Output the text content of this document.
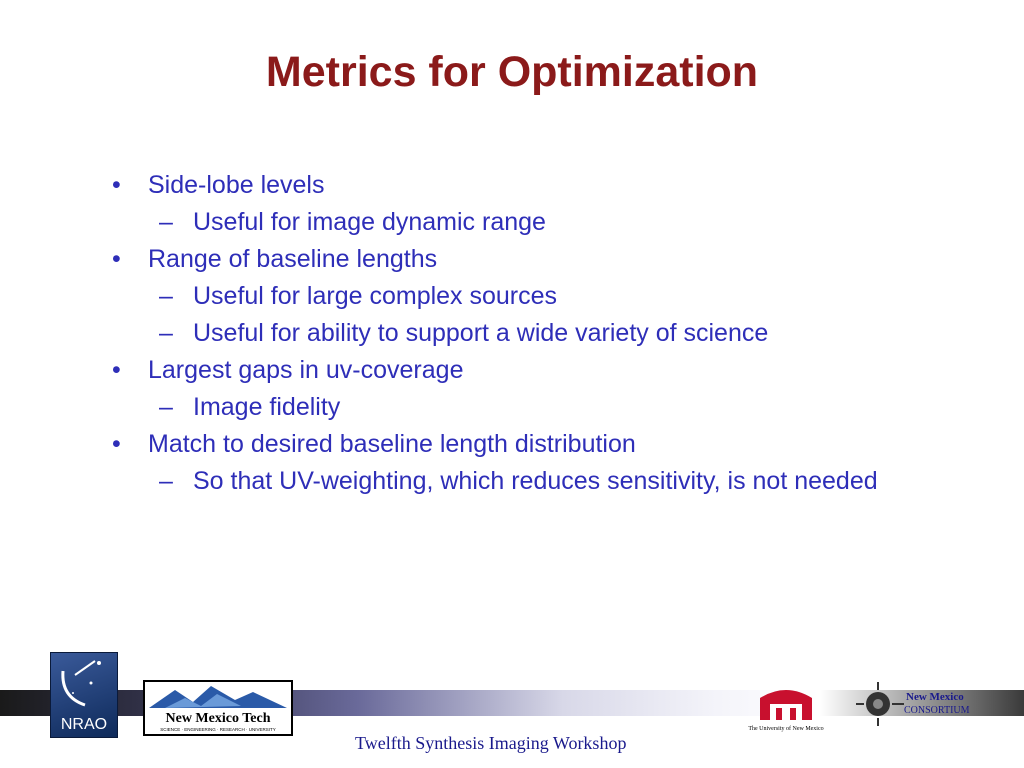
Metrics for Optimization
• Side-lobe levels
– Useful for image dynamic range
• Range of baseline lengths
– Useful for large complex sources
– Useful for ability to support a wide variety of science
• Largest gaps in uv-coverage
– Image fidelity
• Match to desired baseline length distribution
– So that UV-weighting, which reduces sensitivity, is not needed
NRAO	New Mexico Tech
SCIENCE · ENGINEERING · RESEARCH · UNIVERSITY	The University of New Mexico
New Mexico
CONSORTIUM
Twelfth Synthesis Imaging Workshop
